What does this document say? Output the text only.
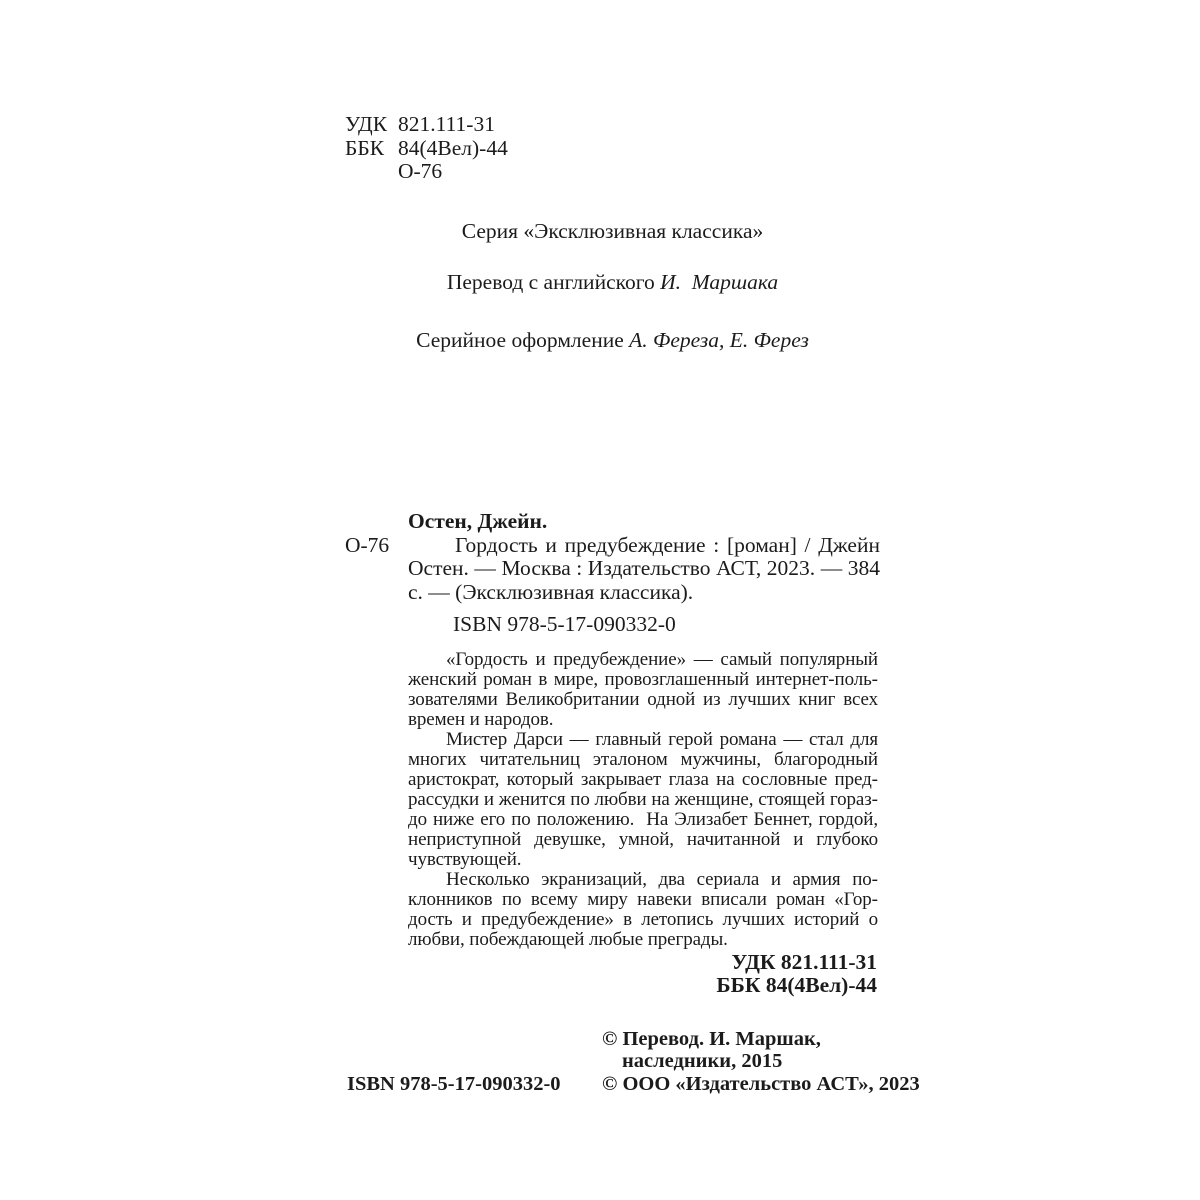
УДК 821.111-31
ББК 84(4Вел)-44
О-76
Серия «Эксклюзивная классика»
Перевод с английского И.  Маршака
Серийное оформление А. Фереза, Е. Ферез
О-76

Остен, Джейн.

Гордость и предубеждение : [роман] / Джейн Остен. — Москва : Издательство АСТ, 2023. — 384 с. — (Эксклюзивная классика).

ISBN 978-5-17-090332-0

«Гордость и предубеждение» — самый популярный женский роман в мире, провозглашенный интернет-пользователями Великобритании одной из лучших книг всех времен и народов.

Мистер Дарси — главный герой романа — стал для многих читательниц эталоном мужчины, благородный аристократ, который закрывает глаза на сословные предрассудки и женится по любви на женщине, стоящей гораздо ниже его по положению.  На Элизабет Беннет, гордой, неприступной девушке, умной, начитанной и глубоко чувствующей.

Несколько экранизаций, два сериала и армия поклонников по всему миру навеки вписали роман «Гордость и предубеждение» в летопись лучших историй о любви, побеждающей любые преграды.

УДК 821.111-31
ББК 84(4Вел)-44
© Перевод. И. Маршак,
наследники, 2015
© ООО «Издательство АСТ», 2023
ISBN 978-5-17-090332-0
